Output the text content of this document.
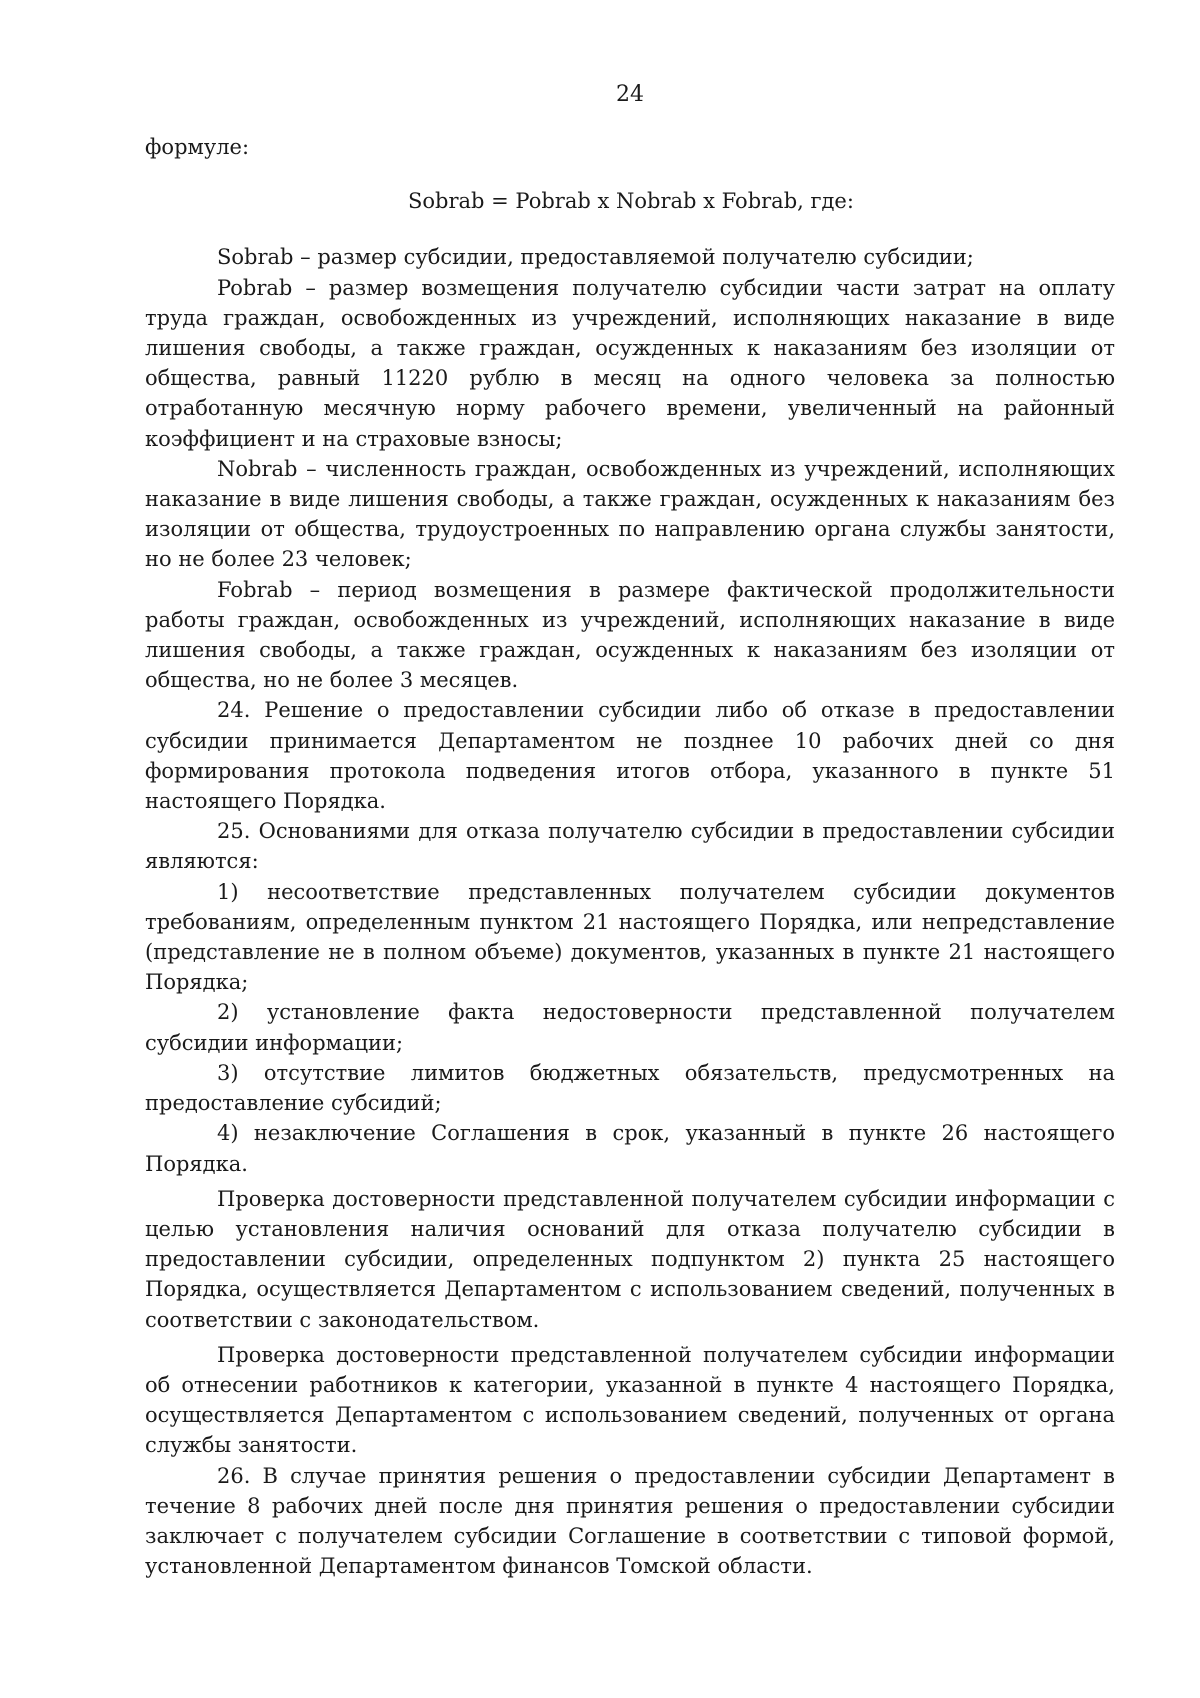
24

формуле:

Sobrab = Pobrab x Nobrab x Fobrab, где:

Sobrab – размер субсидии, предоставляемой получателю субсидии;

Pobrab – размер возмещения получателю субсидии части затрат на оплату труда граждан, освобожденных из учреждений, исполняющих наказание в виде лишения свободы, а также граждан, осужденных к наказаниям без изоляции от общества, равный 11220 рублю в месяц на одного человека за полностью отработанную месячную норму рабочего времени, увеличенный на районный коэффициент и на страховые взносы;

Nobrab – численность граждан, освобожденных из учреждений, исполняющих наказание в виде лишения свободы, а также граждан, осужденных к наказаниям без изоляции от общества, трудоустроенных по направлению органа службы занятости, но не более 23 человек;

Fobrab – период возмещения в размере фактической продолжительности работы граждан, освобожденных из учреждений, исполняющих наказание в виде лишения свободы, а также граждан, осужденных к наказаниям без изоляции от общества, но не более 3 месяцев.

24. Решение о предоставлении субсидии либо об отказе в предоставлении субсидии принимается Департаментом не позднее 10 рабочих дней со дня формирования протокола подведения итогов отбора, указанного в пункте 51 настоящего Порядка.

25. Основаниями для отказа получателю субсидии в предоставлении субсидии являются:

1) несоответствие представленных получателем субсидии документов требованиям, определенным пунктом 21 настоящего Порядка, или непредставление (представление не в полном объеме) документов, указанных в пункте 21 настоящего Порядка;

2) установление факта недостоверности представленной получателем субсидии информации;

3) отсутствие лимитов бюджетных обязательств, предусмотренных на предоставление субсидий;

4) незаключение Соглашения в срок, указанный в пункте 26 настоящего Порядка.

Проверка достоверности представленной получателем субсидии информации с целью установления наличия оснований для отказа получателю субсидии в предоставлении субсидии, определенных подпунктом 2) пункта 25 настоящего Порядка, осуществляется Департаментом с использованием сведений, полученных в соответствии с законодательством.

Проверка достоверности представленной получателем субсидии информации об отнесении работников к категории, указанной в пункте 4 настоящего Порядка, осуществляется Департаментом с использованием сведений, полученных от органа службы занятости.

26. В случае принятия решения о предоставлении субсидии Департамент в течение 8 рабочих дней после дня принятия решения о предоставлении субсидии заключает с получателем субсидии Соглашение в соответствии с типовой формой, установленной Департаментом финансов Томской области.
